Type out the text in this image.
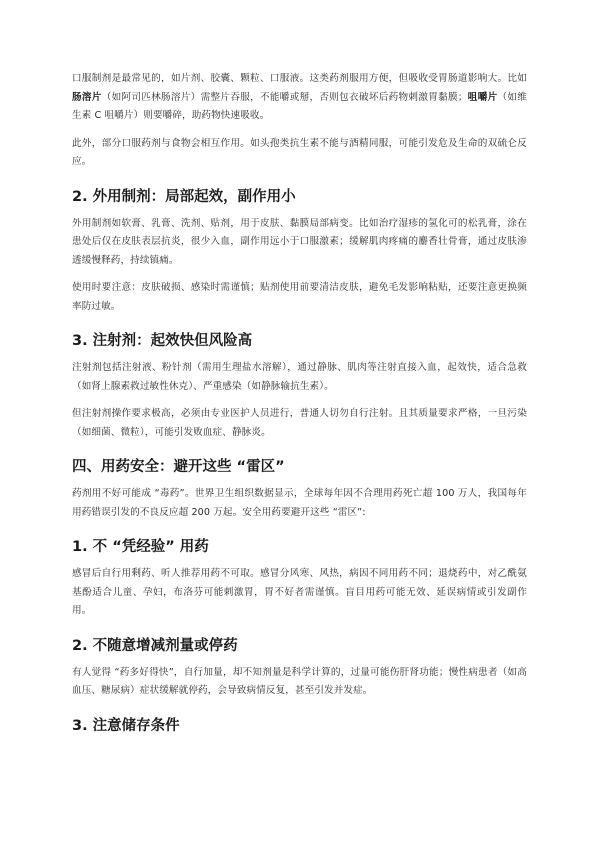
口服制剂是最常见的，如片剂、胶囊、颗粒、口服液。这类药剂服用方便，但吸收受胃肠道影响大。比如肠溶片（如阿司匹林肠溶片）需整片吞服，不能嚼或掰，否则包衣破坏后药物刺激胃黏膜；咀嚼片（如维生素 C 咀嚼片）则要嚼碎，助药物快速吸收。

此外，部分口服药剂与食物会相互作用。如头孢类抗生素不能与酒精同服，可能引发危及生命的双硫仑反应。

2. 外用制剂：局部起效，副作用小

外用制剂如软膏、乳膏、洗剂、贴剂，用于皮肤、黏膜局部病变。比如治疗湿疹的氢化可的松乳膏，涂在患处后仅在皮肤表层抗炎，很少入血，副作用远小于口服激素；缓解肌肉疼痛的麝香壮骨膏，通过皮肤渗透缓慢释药，持续镇痛。

使用时要注意：皮肤破损、感染时需谨慎；贴剂使用前要清洁皮肤，避免毛发影响粘贴，还要注意更换频率防过敏。

3. 注射剂：起效快但风险高

注射剂包括注射液、粉针剂（需用生理盐水溶解），通过静脉、肌肉等注射直接入血，起效快，适合急救（如肾上腺素救过敏性休克）、严重感染（如静脉输抗生素）。

但注射剂操作要求极高，必须由专业医护人员进行，普通人切勿自行注射。且其质量要求严格，一旦污染（如细菌、微粒），可能引发败血症、静脉炎。

四、用药安全：避开这些 “雷区”

药剂用不好可能成 “毒药”。世界卫生组织数据显示，全球每年因不合理用药死亡超 100 万人，我国每年用药错误引发的不良反应超 200 万起。安全用药要避开这些 “雷区”:

1. 不 “凭经验” 用药

感冒后自行用剩药、听人推荐用药不可取。感冒分风寒、风热，病因不同用药不同；退烧药中，对乙酰氨基酚适合儿童、孕妇，布洛芬可能刺激胃，胃不好者需谨慎。盲目用药可能无效、延误病情或引发副作用。

2. 不随意增减剂量或停药

有人觉得 “药多好得快”，自行加量，却不知剂量是科学计算的，过量可能伤肝肾功能；慢性病患者（如高血压、糖尿病）症状缓解就停药，会导致病情反复，甚至引发并发症。

3. 注意储存条件
